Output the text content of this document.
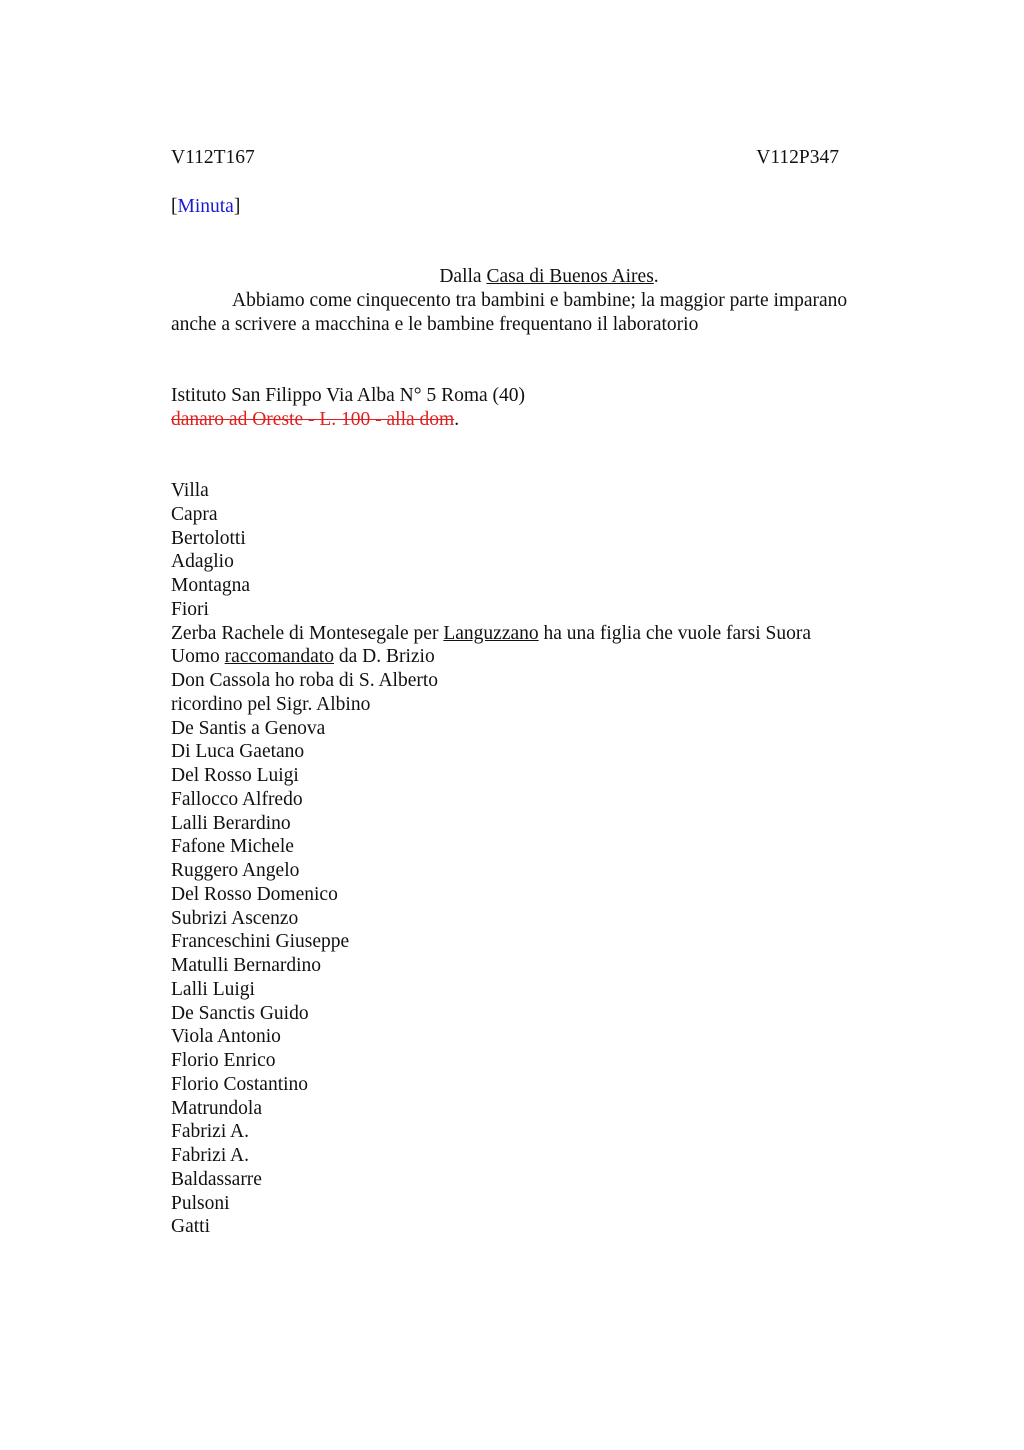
V112T167	V112P347
[Minuta]
Dalla Casa di Buenos Aires.
Abbiamo come cinquecento tra bambini e bambine; la maggior parte imparano anche a scrivere a macchina e le bambine frequentano il laboratorio
Istituto San Filippo Via Alba N° 5 Roma (40)
danaro ad Oreste - L. 100 - alla dom.
Villa
Capra
Bertolotti
Adaglio
Montagna
Fiori
Zerba Rachele di Montesegale per Languzzano ha una figlia che vuole farsi Suora
Uomo raccomandato da D. Brizio
Don Cassola ho roba di S. Alberto
ricordino pel Sigr. Albino
De Santis a Genova
Di Luca Gaetano
Del Rosso Luigi
Fallocco Alfredo
Lalli Berardino
Fafone Michele
Ruggero Angelo
Del Rosso Domenico
Subrizi Ascenzo
Franceschini Giuseppe
Matulli Bernardino
Lalli Luigi
De Sanctis Guido
Viola Antonio
Florio Enrico
Florio Costantino
Matrundola
Fabrizi A.
Fabrizi A.
Baldassarre
Pulsoni
Gatti
